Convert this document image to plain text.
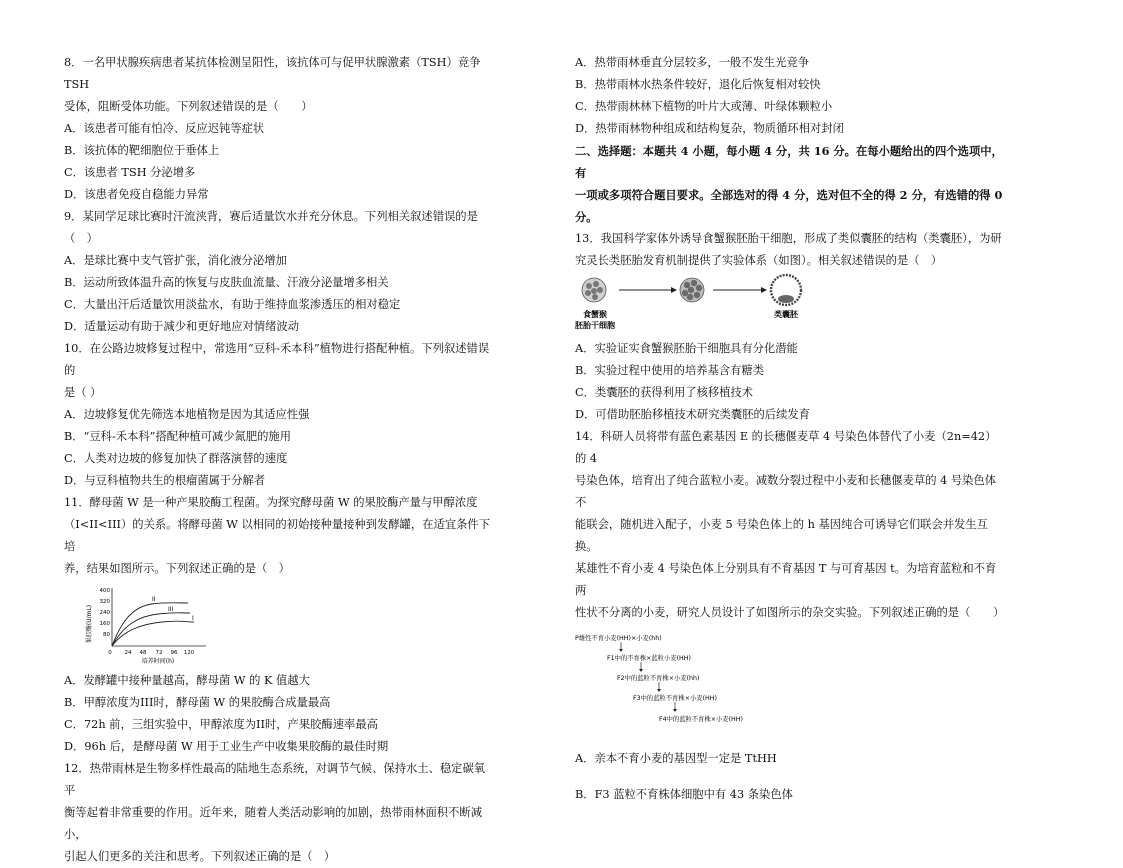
8．一名甲状腺疾病患者某抗体检测呈阳性，该抗体可与促甲状腺激素（TSH）竞争 TSH

受体，阻断受体功能。下列叙述错误的是（　　）

A．该患者可能有怕冷、反应迟钝等症状

B．该抗体的靶细胞位于垂体上

C．该患者 TSH 分泌增多

D．该患者免疫自稳能力异常

9．某同学足球比赛时汗流浃背，赛后适量饮水并充分休息。下列相关叙述错误的是

（　）

A．是球比赛中支气管扩张，消化液分泌增加

B．运动所致体温升高的恢复与皮肤血流量、汗液分泌量增多相关

C．大量出汗后适量饮用淡盐水，有助于维持血浆渗透压的相对稳定

D．适量运动有助于减少和更好地应对情绪波动

10．在公路边坡修复过程中，常选用“豆科-禾本科”植物进行搭配种植。下列叙述错误的

是（ ）

A．边坡修复优先筛选本地植物是因为其适应性强

B．“豆科-禾本科”搭配种植可减少氮肥的施用

C．人类对边坡的修复加快了群落演替的速度

D．与豆科植物共生的根瘤菌属于分解者

11．酵母菌 W 是一种产果胶酶工程菌。为探究酵母菌 W 的果胶酶产量与甲醇浓度

（I<II<III）的关系。将酵母菌 W 以相同的初始接种量接种到发酵罐，在适宜条件下培

养，结果如图所示。下列叙述正确的是（　）

果胶酶(U/mL)
400
320
240
160
80
0 24 48 72 96 120
II
III
I
培养时间(h)

A．发酵罐中接种量越高，酵母菌 W 的 K 值越大

B．甲醇浓度为III时，酵母菌 W 的果胶酶合成量最高

C．72h 前，三组实验中，甲醇浓度为II时，产果胶酶速率最高

D．96h 后，是酵母菌 W 用于工业生产中收集果胶酶的最佳时期

12．热带雨林是生物多样性最高的陆地生态系统，对调节气候、保持水土、稳定碳氧平

衡等起着非常重要的作用。近年来，随着人类活动影响的加剧，热带雨林面积不断减小，

引起人们更多的关注和思考。下列叙述正确的是（　）

A．热带雨林垂直分层较多，一般不发生光竞争

B．热带雨林水热条件较好，退化后恢复相对较快

C．热带雨林林下植物的叶片大或薄、叶绿体颗粒小

D．热带雨林物种组成和结构复杂，物质循环相对封闭

二、选择题：本题共 4 小题，每小题 4 分，共 16 分。在每小题给出的四个选项中，有

一项或多项符合题目要求。全部选对的得 4 分，选对但不全的得 2 分，有选错的得 0 分。

13．我国科学家体外诱导食蟹猴胚胎干细胞，形成了类似囊胚的结构（类囊胚），为研

究灵长类胚胎发育机制提供了实验体系（如图）。相关叙述错误的是（　）

食蟹猴
胚胎干细胞
类囊胚

A．实验证实食蟹猴胚胎干细胞具有分化潜能

B．实验过程中使用的培养基含有糖类

C．类囊胚的获得利用了核移植技术

D．可借助胚胎移植技术研究类囊胚的后续发育

14．科研人员将带有蓝色素基因 E 的长穗偃麦草 4 号染色体替代了小麦（2n=42）的 4

号染色体，培育出了纯合蓝粒小麦。减数分裂过程中小麦和长穗偃麦草的 4 号染色体不

能联会，随机进入配子，小麦 5 号染色体上的 h 基因纯合可诱导它们联会并发生互换。

某雄性不育小麦 4 号染色体上分别具有不育基因 T 与可育基因 t。为培育蓝粒和不育两

性状不分离的小麦，研究人员设计了如图所示的杂交实验。下列叙述正确的是（　　）

P雄性不育小麦(HH)×小麦(hh)
F1中的不育株×蓝粒小麦(HH)
F2中的蓝粒不育株×小麦(hh)
F3中的蓝粒不育株×小麦(HH)
F4中的蓝粒不育株×小麦(HH)

A．亲本不育小麦的基因型一定是 TtHH

B．F3 蓝粒不育株体细胞中有 43 条染色体
